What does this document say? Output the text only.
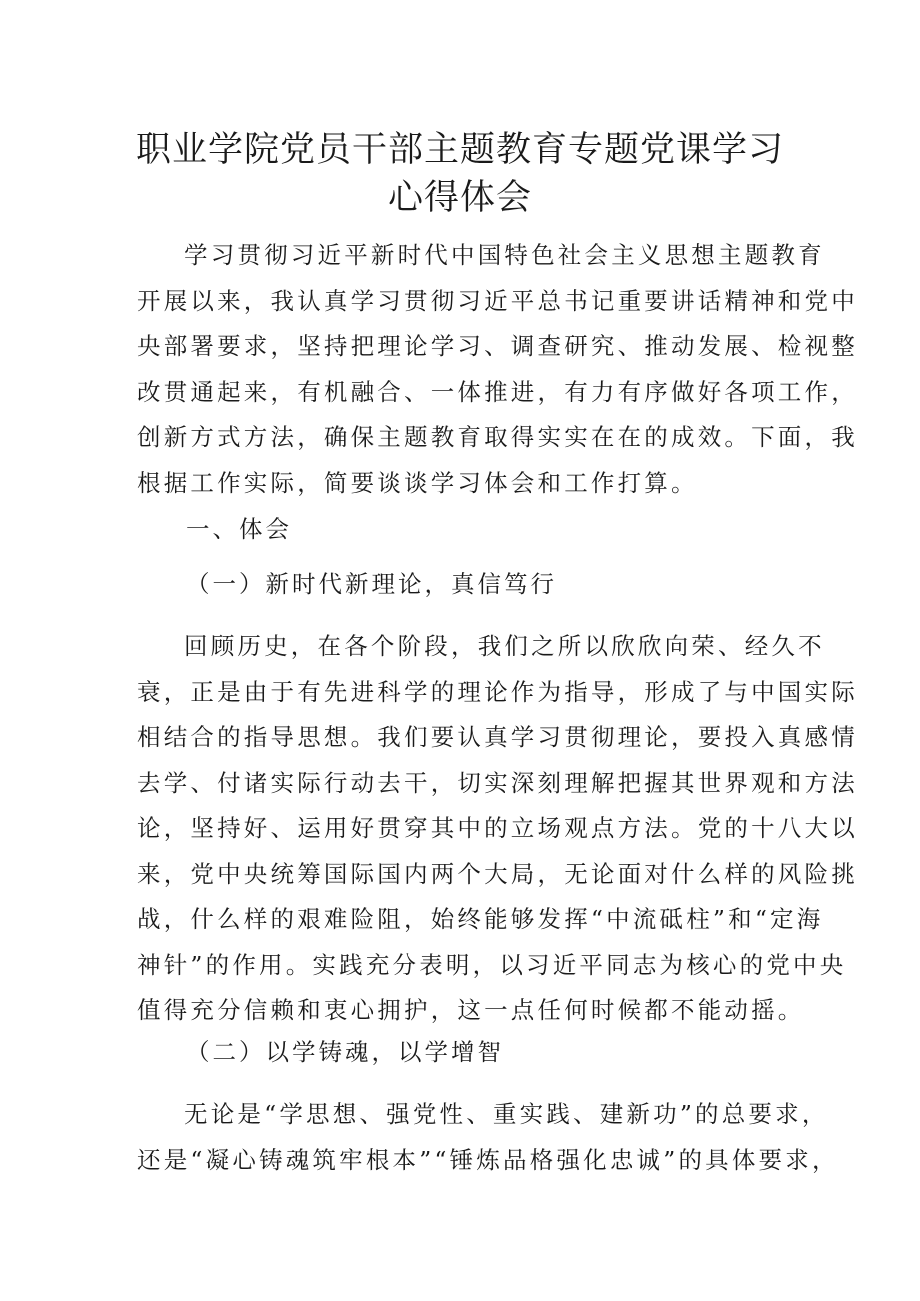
职业学院党员干部主题教育专题党课学习
心得体会
学习贯彻习近平新时代中国特色社会主义思想主题教育
开展以来，我认真学习贯彻习近平总书记重要讲话精神和党中
央部署要求，坚持把理论学习、调查研究、推动发展、检视整
改贯通起来，有机融合、一体推进，有力有序做好各项工作，
创新方式方法，确保主题教育取得实实在在的成效。下面，我
根据工作实际，简要谈谈学习体会和工作打算。

一、体会

（一）新时代新理论，真信笃行

回顾历史，在各个阶段，我们之所以欣欣向荣、经久不
衰，正是由于有先进科学的理论作为指导，形成了与中国实际
相结合的指导思想。我们要认真学习贯彻理论，要投入真感情
去学、付诸实际行动去干，切实深刻理解把握其世界观和方法
论，坚持好、运用好贯穿其中的立场观点方法。党的十八大以
来，党中央统筹国际国内两个大局，无论面对什么样的风险挑
战，什么样的艰难险阻，始终能够发挥“中流砥柱”和“定海
神针”的作用。实践充分表明，以习近平同志为核心的党中央
值得充分信赖和衷心拥护，这一点任何时候都不能动摇。

（二）以学铸魂，以学增智

无论是“学思想、强党性、重实践、建新功”的总要求，
还是“凝心铸魂筑牢根本”“锤炼品格强化忠诚”的具体要求，
